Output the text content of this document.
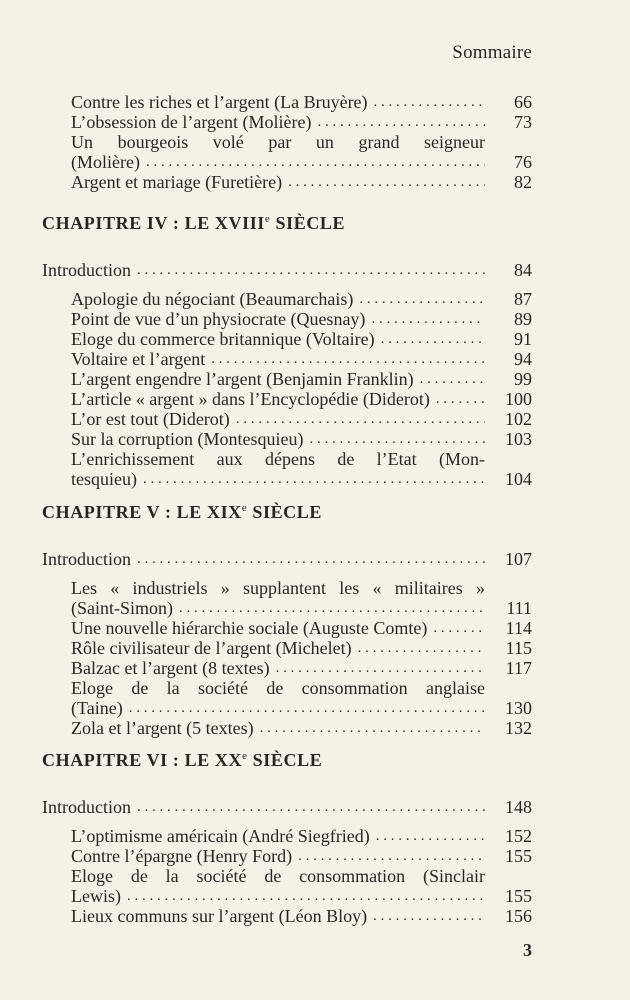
Sommaire
Contre les riches et l’argent (La Bruyère) . . .	66
L’obsession de l’argent (Molière) . . .	73
Un bourgeois volé par un grand seigneur
(Molière) . . .	76
Argent et mariage (Furetière) . . .	82
CHAPITRE IV : LE XVIIIe SIÈCLE
Introduction . . .	84
Apologie du négociant (Beaumarchais) . . .	87
Point de vue d’un physiocrate (Quesnay) . . .	89
Eloge du commerce britannique (Voltaire) . . .	91
Voltaire et l’argent . . .	94
L’argent engendre l’argent (Benjamin Franklin) . . .	99
L’article « argent » dans l’Encyclopédie (Diderot) . . .	100
L’or est tout (Diderot) . . .	102
Sur la corruption (Montesquieu) . . .	103
L’enrichissement aux dépens de l’Etat (Mon-
tesquieu) . . .	104
CHAPITRE V : LE XIXe SIÈCLE
Introduction . . .	107
Les « industriels » supplantent les « militaires »
(Saint-Simon) . . .	111
Une nouvelle hiérarchie sociale (Auguste Comte) . . .	114
Rôle civilisateur de l’argent (Michelet) . . .	115
Balzac et l’argent (8 textes) . . .	117
Eloge de la société de consommation anglaise
(Taine) . . .	130
Zola et l’argent (5 textes) . . .	132
CHAPITRE VI : LE XXe SIÈCLE
Introduction . . .	148
L’optimisme américain (André Siegfried) . . .	152
Contre l’épargne (Henry Ford) . . .	155
Eloge de la société de consommation (Sinclair
Lewis) . . .	155
Lieux communs sur l’argent (Léon Bloy) . . .	156
3
